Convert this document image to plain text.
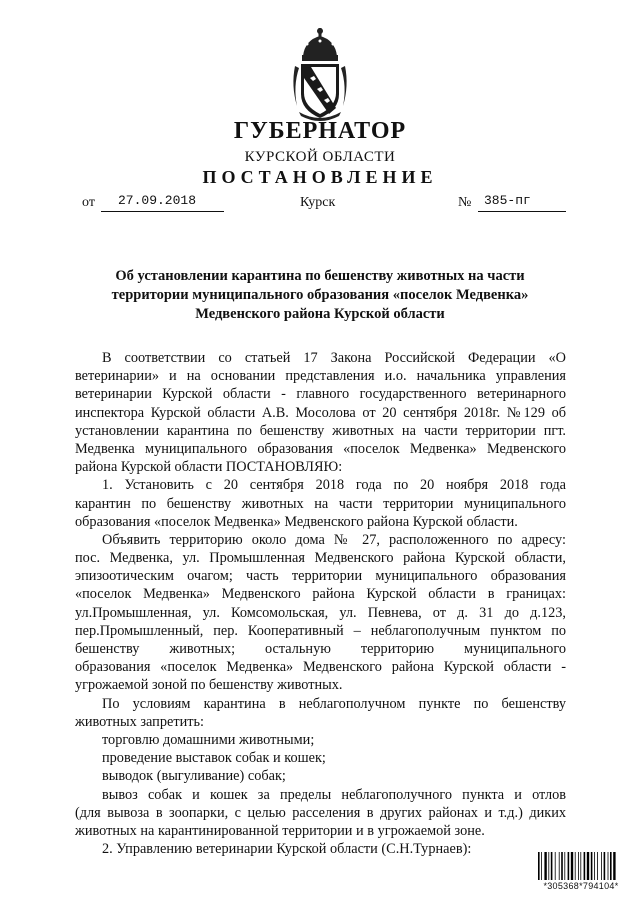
ГУБЕРНАТОР
КУРСКОЙ ОБЛАСТИ
ПОСТАНОВЛЕНИЕ
от 27.09.2018	Курск	№ 385-пг
Об установлении карантина по бешенству животных на части
территории муниципального образования «поселок Медвенка»
Медвенского района Курской области
В соответствии со статьей 17 Закона Российской Федерации «О
ветеринарии» и на основании представления и.о. начальника управления
ветеринарии Курской области - главного государственного ветеринарного
инспектора Курской области А.В. Мосолова от 20 сентября 2018г. №129 об
установлении карантина по бешенству животных на части территории пгт.
Медвенка муниципального образования «поселок Медвенка» Медвенского
района Курской области ПОСТАНОВЛЯЮ:
1. Установить с 20 сентября 2018 года по 20 ноября 2018 года
карантин по бешенству животных на части территории муниципального
образования «поселок Медвенка» Медвенского района Курской области.
Объявить территорию около дома № 27, расположенного по адресу:
пос. Медвенка, ул. Промышленная Медвенского района Курской области,
эпизоотическим очагом; часть территории муниципального образования
«поселок Медвенка» Медвенского района Курской области в границах:
ул.Промышленная, ул. Комсомольская, ул. Певнева, от д. 31 до д.123,
пер.Промышленный, пер. Кооперативный – неблагополучным пунктом по
бешенству животных; остальную территорию муниципального
образования «поселок Медвенка» Медвенского района Курской области -
угрожаемой зоной по бешенству животных.
По условиям карантина в неблагополучном пункте по бешенству
животных запретить:
торговлю домашними животными;
проведение выставок собак и кошек;
выводок (выгуливание) собак;
вывоз собак и кошек за пределы неблагополучного пункта и отлов
(для вывоза в зоопарки, с целью расселения в других районах и т.д.) диких
животных на карантинированной территории и в угрожаемой зоне.
2. Управлению ветеринарии Курской области (С.Н.Турнаев):
*305368*794104*
